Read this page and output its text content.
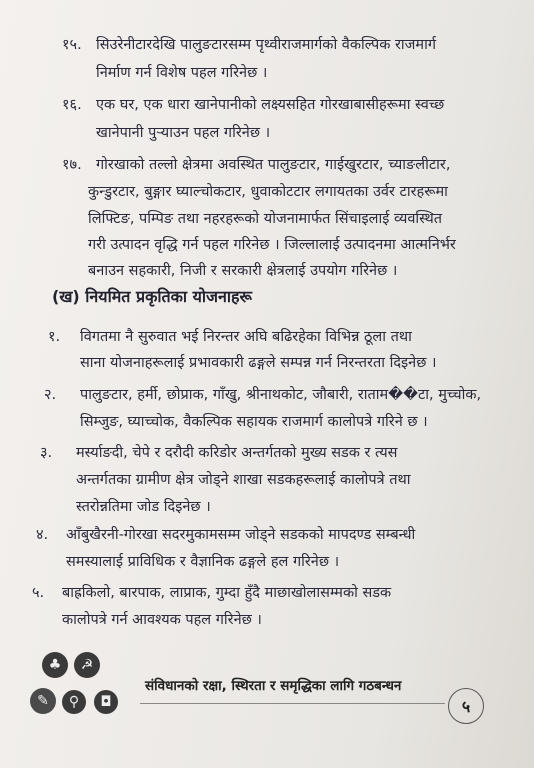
१५. सिउरेनीटारदेखि पालुङटारसम्म पृथ्वीराजमार्गको वैकल्पिक राजमार्ग
निर्माण गर्न विशेष पहल गरिनेछ ।
१६. एक घर, एक धारा खानेपानीको लक्ष्यसहित गोरखाबासीहरूमा स्वच्छ
खानेपानी पुऱ्याउन पहल गरिनेछ ।
१७. गोरखाको तल्लो क्षेत्रमा अवस्थित पालुङटार, गाईखुरटार, च्याङलीटार,
कुन्डुरटार, बुङ्गार घ्याल्चोकटार, धुवाकोटटार लगायतका उर्वर टारहरूमा
लिफ्टिङ, पम्पिङ तथा नहरहरूको योजनामार्फत सिंचाइलाई व्यवस्थित
गरी उत्पादन वृद्धि गर्न पहल गरिनेछ । जिल्लालाई उत्पादनमा आत्मनिर्भर
बनाउन सहकारी, निजी र सरकारी क्षेत्रलाई उपयोग गरिनेछ ।
(ख) नियमित प्रकृतिका योजनाहरू
१. विगतमा नै सुरुवात भई निरन्तर अघि बढिरहेका विभिन्न ठूला तथा
साना योजनाहरूलाई प्रभावकारी ढङ्गले सम्पन्न गर्न निरन्तरता दिइनेछ ।
२. पालुङटार, हर्मी, छोप्राक, गाँखु, श्रीनाथकोट, जौबारी, राताम��टा, मुच्चोक,
सिम्जुङ, घ्याच्चोक, वैकल्पिक सहायक राजमार्ग कालोपत्रे गरिने छ ।
३. मर्स्याङदी, चेपे र दरौदी करिडोर अन्तर्गतको मुख्य सडक र त्यस
अन्तर्गतका ग्रामीण क्षेत्र जोड्ने शाखा सडकहरूलाई कालोपत्रे तथा
स्तरोन्नतिमा जोड दिइनेछ ।
४. आँबुखैरनी-गोरखा सदरमुकामसम्म जोड्ने सडकको मापदण्ड सम्बन्धी
समस्यालाई प्राविधिक र वैज्ञानिक ढङ्गले हल गरिनेछ ।
५. बाह्रकिलो, बारपाक, लाप्राक, गुम्दा हुँदै माछाखोलासम्मको सडक
कालोपत्रे गर्न आवश्यक पहल गरिनेछ ।
♣	☭
✎	⚲	◘
संविधानको रक्षा, स्थिरता र समृद्धिका लागि गठबन्धन
५
